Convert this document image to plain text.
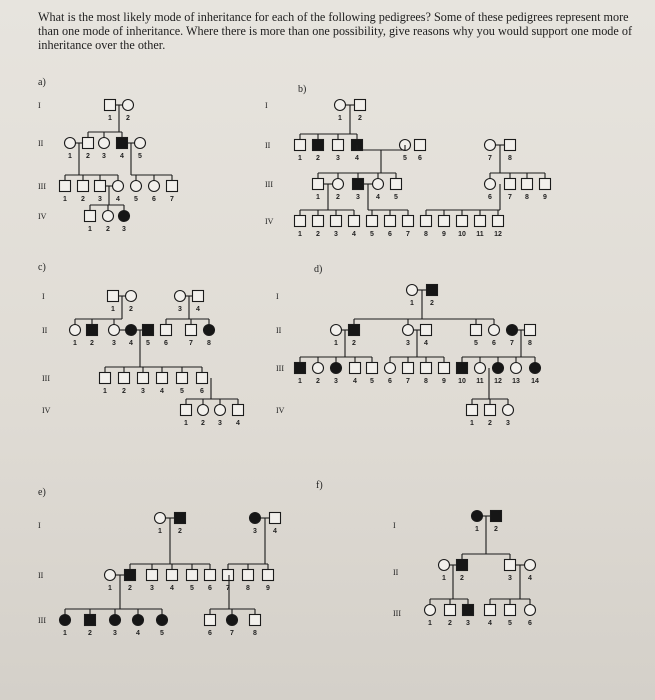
What is the most likely mode of inheritance for each of the following pedigrees? Some of these pedigrees represent more than one mode of inheritance. Where there is more than one possibility, give reasons why you would support one mode of inheritance over the other.

a)
I
II
III
IV
1 2
1 2 3 4 5
1 2 3 4 5 6 7
1 2 3
b)
I
II
III
IV
1 2
1 2 3 4	5 6	7 8
1 2 3 4 5	6 7 8 9
1 2 3 4 5 6 7 8 9 10 11 12
c)
I
II
III
IV
1 2	3 4
1 2	3 4 5 6	7 8
1 2 3 4 5 6
1 2 3 4
d)
I
II
III
IV
1 2
1 2	3 4	5 6 7 8
1 2 3 4 5 6 7 8 9 10 11 12 13 14
1 2 3
e)
I
II
III
1 2	3 4
1 2	3 4 5 6 7 8 9
1	2	3	4	5	6	7	8
f)
I
II
III
1 2
1 2	3 4
1 2 3	4 5 6
